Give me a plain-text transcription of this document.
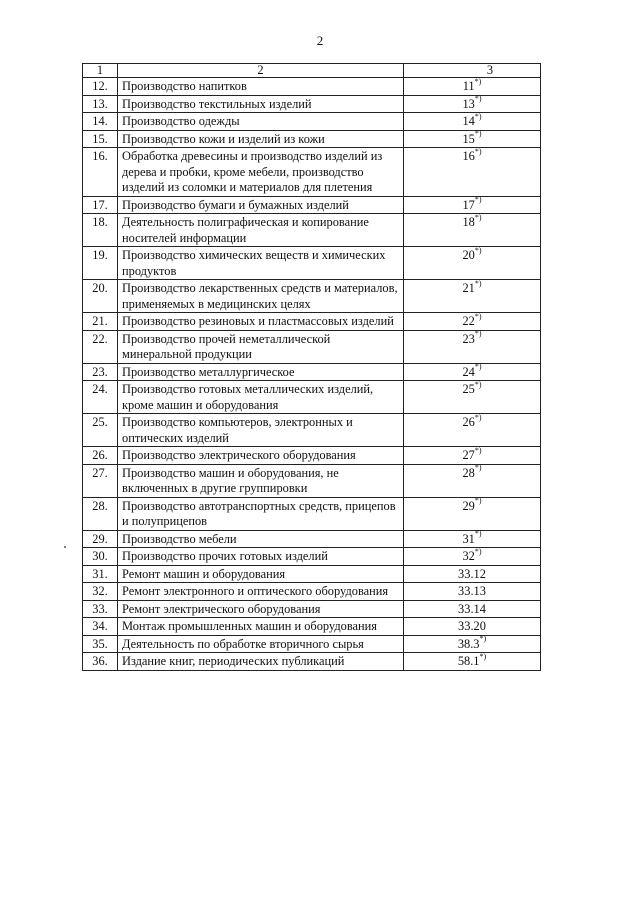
2
1	2	3
12.	Производство напитков	11*)
13.	Производство текстильных изделий	13*)
14.	Производство одежды	14*)
15.	Производство кожи и изделий из кожи	15*)
16.	Обработка древесины и производство изделий из дерева и пробки, кроме мебели, производство изделий из соломки и материалов для плетения	16*)
17.	Производство бумаги и бумажных изделий	17*)
18.	Деятельность полиграфическая и копирование носителей информации	18*)
19.	Производство химических веществ и химических продуктов	20*)
20.	Производство лекарственных средств и материалов, применяемых в медицинских целях	21*)
21.	Производство резиновых и пластмассовых изделий	22*)
22.	Производство прочей неметаллической минеральной продукции	23*)
23.	Производство металлургическое	24*)
24.	Производство готовых металлических изделий, кроме машин и оборудования	25*)
25.	Производство компьютеров, электронных и оптических изделий	26*)
26.	Производство электрического оборудования	27*)
27.	Производство машин и оборудования, не включенных в другие группировки	28*)
28.	Производство автотранспортных средств, прицепов и полуприцепов	29*)
29.	Производство мебели	31*)
30.	Производство прочих готовых изделий	32*)
31.	Ремонт машин и оборудования	33.12
32.	Ремонт электронного и оптического оборудования	33.13
33.	Ремонт электрического оборудования	33.14
34.	Монтаж промышленных машин и оборудования	33.20
35.	Деятельность по обработке вторичного сырья	38.3*)
36.	Издание книг, периодических публикаций	58.1*)
